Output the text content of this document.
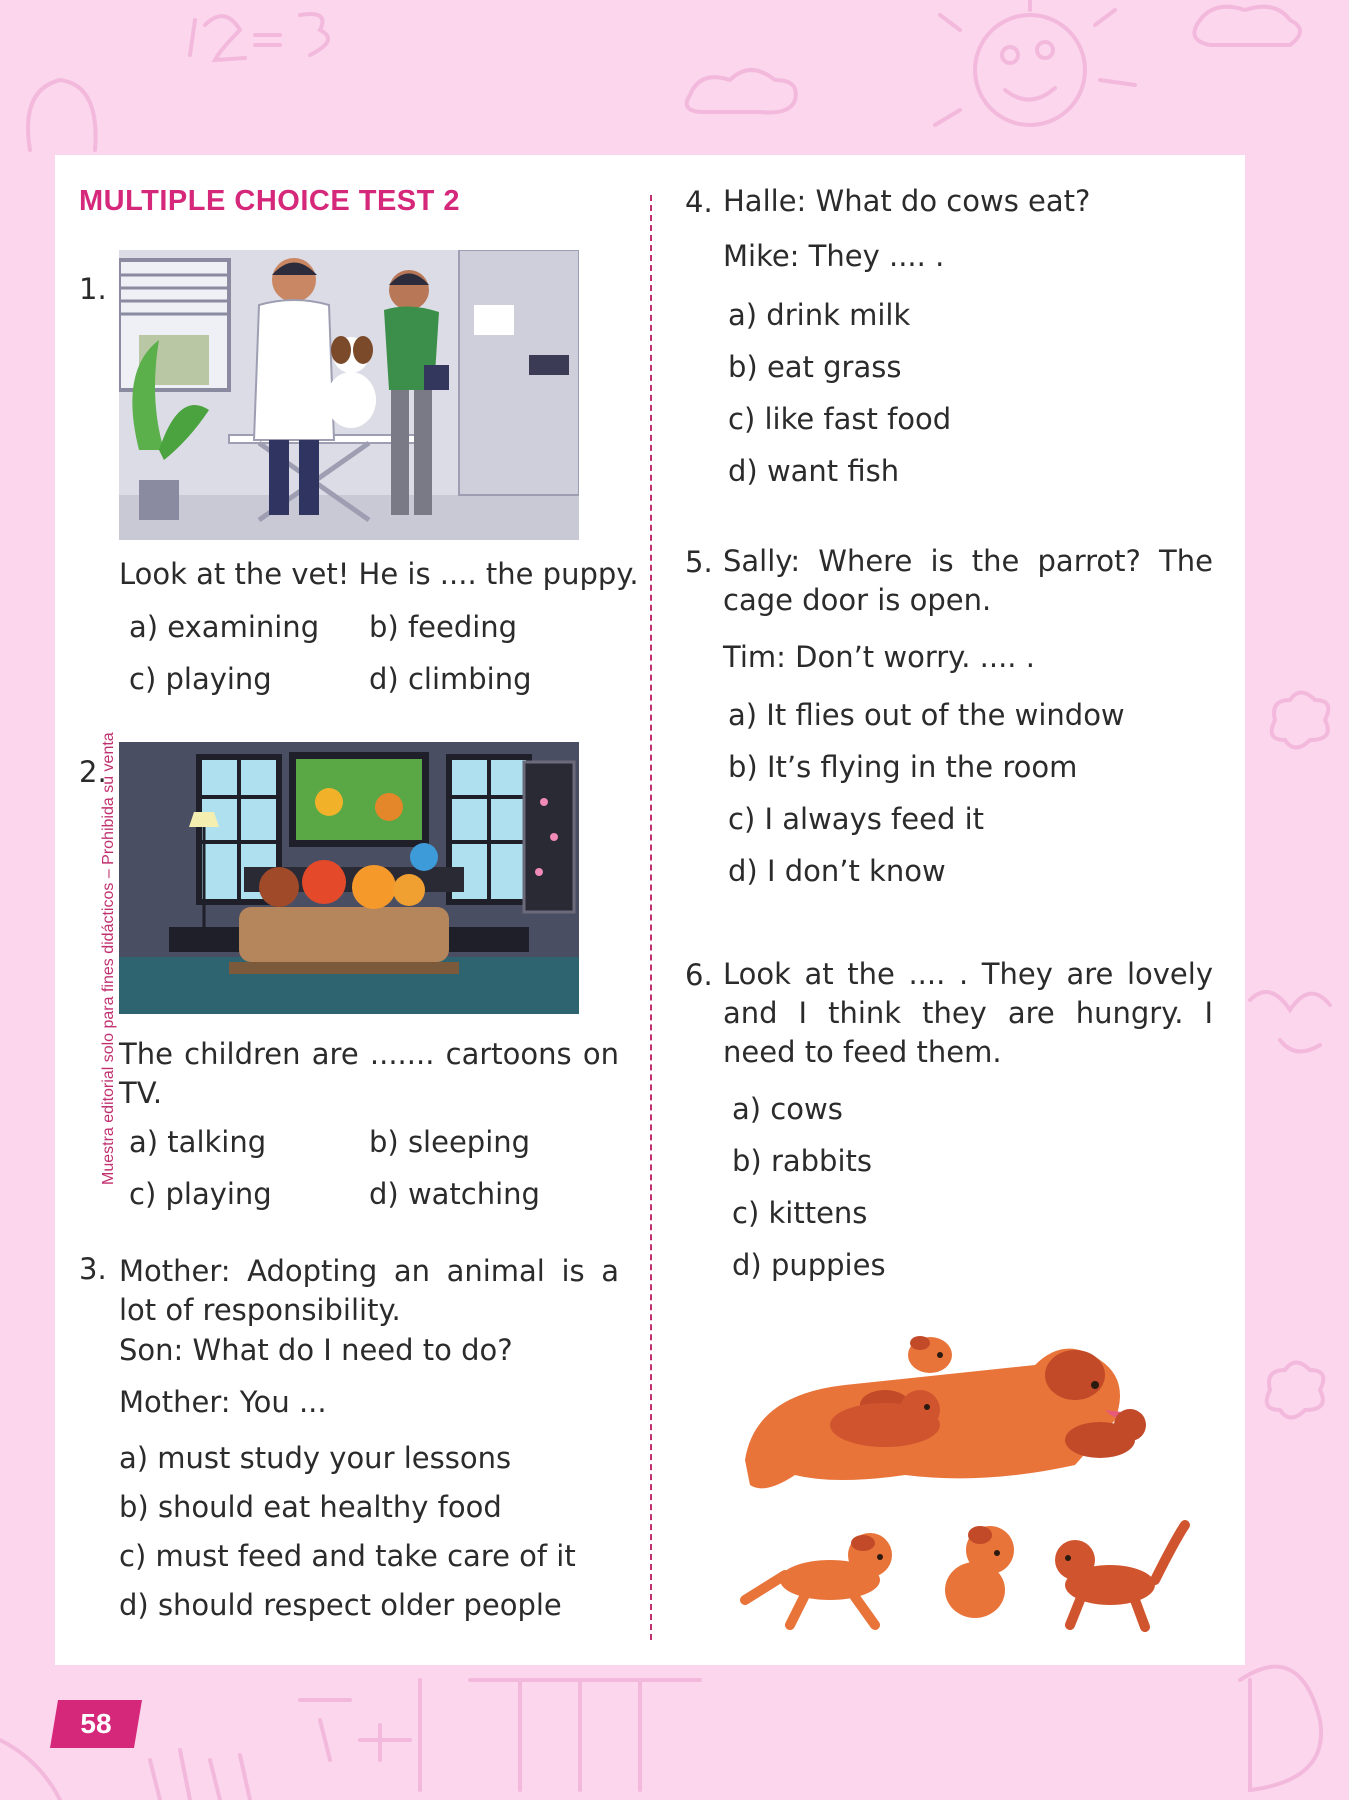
MULTIPLE CHOICE TEST 2
1.
Look at the vet! He is .... the puppy.
a) examining b) feeding
c) playing	d) climbing
2.
The children are ....... cartoons on TV.
a) talking	b) sleeping
c) playing	d) watching
3. Mother: Adopting an animal is a lot of responsibility.
Son: What do I need to do?
Mother: You ...
a) must study your lessons
b) should eat healthy food
c) must feed and take care of it
d) should respect older people
4. Halle: What do cows eat?
Mike: They .... .
a) drink milk
b) eat grass
c) like fast food
d) want fish
5. Sally: Where is the parrot? The cage door is open.
Tim: Don’t worry. .... .
a) It flies out of the window
b) It’s flying in the room
c) I always feed it
d) I don’t know
6. Look at the .... . They are lovely and I think they are hungry. I need to feed them.
a) cows
b) rabbits
c) kittens
d) puppies
Muestra editorial solo para fines didácticos – Prohibida su venta
58
